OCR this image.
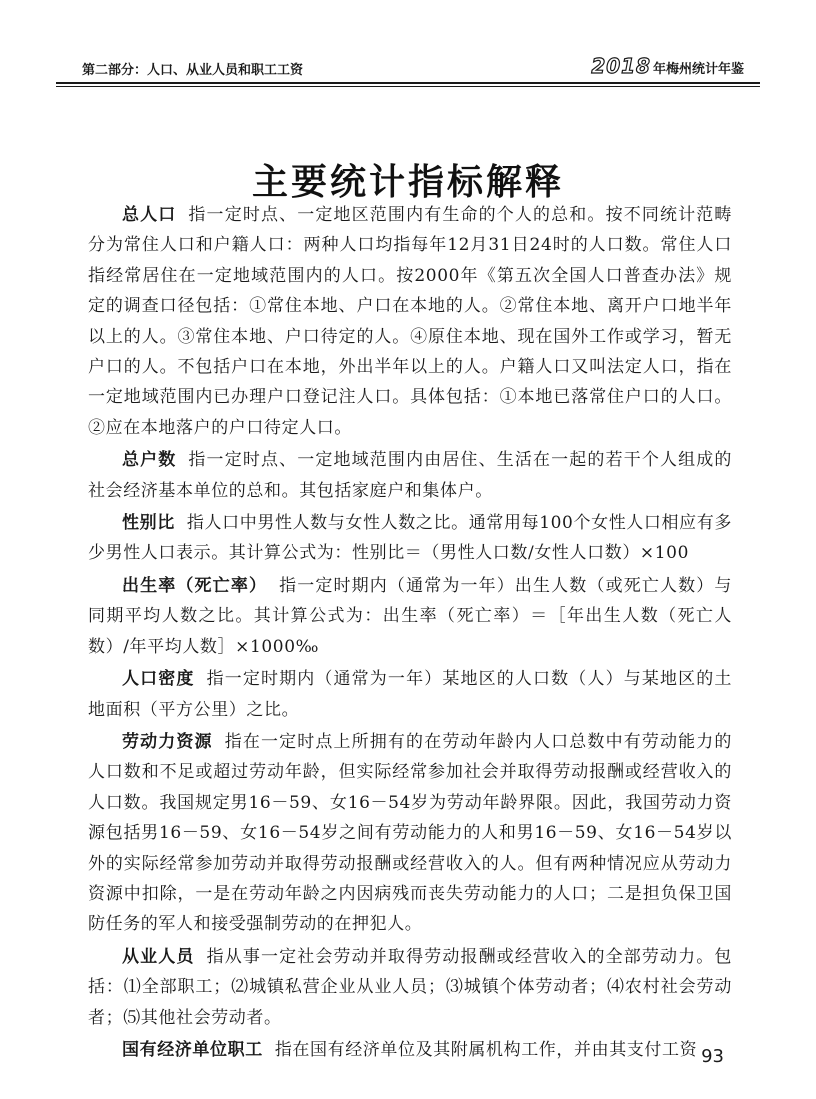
第二部分：人口、从业人员和职工工资	2018 年梅州统计年鉴
主要统计指标解释

总人口 指一定时点、一定地区范围内有生命的个人的总和。按不同统计范畴分为常住人口和户籍人口：两种人口均指每年12月31日24时的人口数。常住人口指经常居住在一定地域范围内的人口。按2000年《第五次全国人口普查办法》规定的调查口径包括：①常住本地、户口在本地的人。②常住本地、离开户口地半年以上的人。③常住本地、户口待定的人。④原住本地、现在国外工作或学习，暂无户口的人。不包括户口在本地，外出半年以上的人。户籍人口又叫法定人口，指在一定地域范围内已办理户口登记注人口。具体包括：①本地已落常住户口的人口。②应在本地落户的户口待定人口。

总户数 指一定时点、一定地域范围内由居住、生活在一起的若干个人组成的社会经济基本单位的总和。其包括家庭户和集体户。

性别比 指人口中男性人数与女性人数之比。通常用每100个女性人口相应有多少男性人口表示。其计算公式为：性别比＝（男性人口数/女性人口数）×100

出生率（死亡率） 指一定时期内（通常为一年）出生人数（或死亡人数）与同期平均人数之比。其计算公式为：出生率（死亡率）＝［年出生人数（死亡人数）/年平均人数］×1000‰

人口密度 指一定时期内（通常为一年）某地区的人口数（人）与某地区的土地面积（平方公里）之比。

劳动力资源 指在一定时点上所拥有的在劳动年龄内人口总数中有劳动能力的人口数和不足或超过劳动年龄，但实际经常参加社会并取得劳动报酬或经营收入的人口数。我国规定男16－59、女16－54岁为劳动年龄界限。因此，我国劳动力资源包括男16－59、女16－54岁之间有劳动能力的人和男16－59、女16－54岁以外的实际经常参加劳动并取得劳动报酬或经营收入的人。但有两种情况应从劳动力资源中扣除，一是在劳动年龄之内因病残而丧失劳动能力的人口；二是担负保卫国防任务的军人和接受强制劳动的在押犯人。

从业人员 指从事一定社会劳动并取得劳动报酬或经营收入的全部劳动力。包括：⑴全部职工；⑵城镇私营企业从业人员；⑶城镇个体劳动者；⑷农村社会劳动者；⑸其他社会劳动者。

国有经济单位职工 指在国有经济单位及其附属机构工作，并由其支付工资 93
